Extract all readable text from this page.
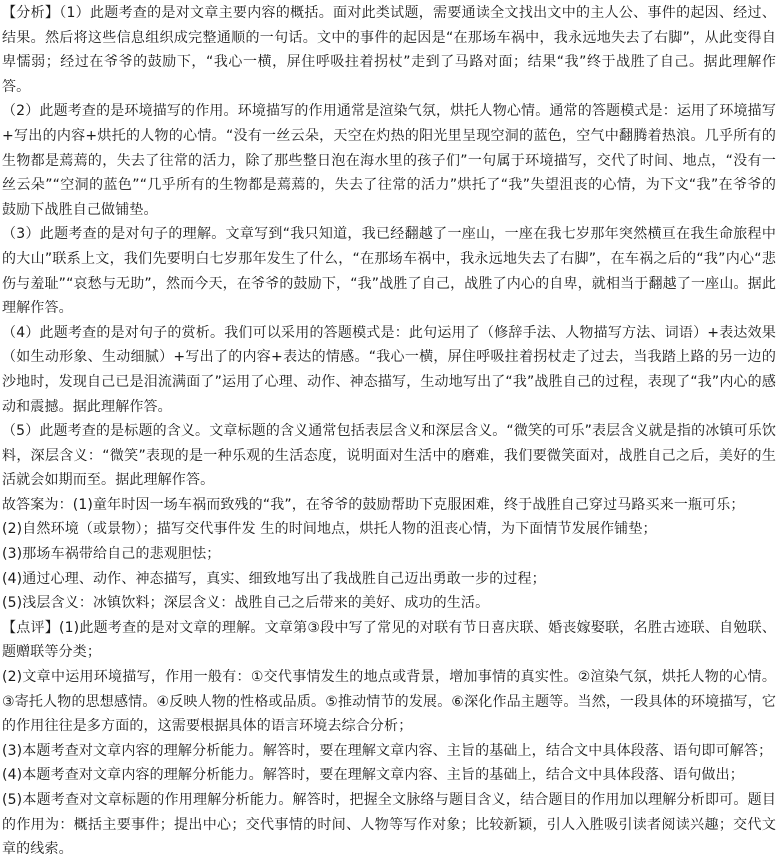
【分析】（1）此题考查的是对文章主要内容的概括。面对此类试题，需要通读全文找出文中的主人公、事件的起因、经过、结果。然后将这些信息组织成完整通顺的一句话。文中的事件的起因是“在那场车祸中，我永远地失去了右脚”，从此变得自卑懦弱；经过在爷爷的鼓励下，“我心一横，屏住呼吸拄着拐杖”走到了马路对面；结果“我”终于战胜了自己。据此理解作答。

（2）此题考查的是环境描写的作用。环境描写的作用通常是渲染气氛，烘托人物心情。通常的答题模式是：运用了环境描写+写出的内容+烘托的人物的心情。“没有一丝云朵，天空在灼热的阳光里呈现空洞的蓝色，空气中翻腾着热浪。几乎所有的生物都是蔫蔫的，失去了往常的活力，除了那些整日泡在海水里的孩子们”一句属于环境描写，交代了时间、地点，“没有一丝云朵”“空洞的蓝色”“几乎所有的生物都是蔫蔫的，失去了往常的活力”烘托了“我”失望沮丧的心情，为下文“我”在爷爷的鼓励下战胜自己做铺垫。

（3）此题考查的是对句子的理解。文章写到“我只知道，我已经翻越了一座山，一座在我七岁那年突然横亘在我生命旅程中的大山”联系上文，我们先要明白七岁那年发生了什么，“在那场车祸中，我永远地失去了右脚”，在车祸之后的“我”内心“悲伤与羞耻”“哀愁与无助”，然而今天，在爷爷的鼓励下，“我”战胜了自己，战胜了内心的自卑，就相当于翻越了一座山。据此理解作答。

（4）此题考查的是对句子的赏析。我们可以采用的答题模式是：此句运用了（修辞手法、人物描写方法、词语）+表达效果（如生动形象、生动细腻）+写出了的内容+表达的情感。“我心一横，屏住呼吸拄着拐杖走了过去，当我踏上路的另一边的沙地时，发现自己已是泪流满面了”运用了心理、动作、神态描写，生动地写出了“我”战胜自己的过程，表现了“我”内心的感动和震撼。据此理解作答。

（5）此题考查的是标题的含义。文章标题的含义通常包括表层含义和深层含义。“微笑的可乐”表层含义就是指的冰镇可乐饮料，深层含义：“微笑”表现的是一种乐观的生活态度，说明面对生活中的磨难，我们要微笑面对，战胜自己之后，美好的生活就会如期而至。据此理解作答。

故答案为：(1)童年时因一场车祸而致残的“我”，在爷爷的鼓励帮助下克服困难，终于战胜自己穿过马路买来一瓶可乐；

(2)自然环境（或景物）；描写交代事件发 生的时间地点，烘托人物的沮丧心情，为下面情节发展作铺垫；

(3)那场车祸带给自己的悲观胆怯；

(4)通过心理、动作、神态描写，真实、细致地写出了我战胜自己迈出勇敢一步的过程；

(5)浅层含义：冰镇饮料；深层含义：战胜自己之后带来的美好、成功的生活。

【点评】(1)此题考查的是对文章的理解。文章第③段中写了常见的对联有节日喜庆联、婚丧嫁娶联，名胜古迹联、自勉联、题赠联等分类；

(2)文章中运用环境描写，作用一般有：①交代事情发生的地点或背景，增加事情的真实性。②渲染气氛，烘托人物的心情。③寄托人物的思想感情。④反映人物的性格或品质。⑤推动情节的发展。⑥深化作品主题等。当然，一段具体的环境描写，它的作用往往是多方面的，这需要根据具体的语言环境去综合分析；

(3)本题考查对文章内容的理解分析能力。解答时，要在理解文章内容、主旨的基础上，结合文中具体段落、语句即可解答；

(4)本题考查对文章内容的理解分析能力。解答时，要在理解文章内容、主旨的基础上，结合文中具体段落、语句做出；

(5)本题考查对文章标题的作用理解分析能力。解答时，把握全文脉络与题目含义，结合题目的作用加以理解分析即可。题目的作用为：概括主要事件；提出中心；交代事情的时间、人物等写作对象；比较新颖，引人入胜吸引读者阅读兴趣；交代文章的线索。
